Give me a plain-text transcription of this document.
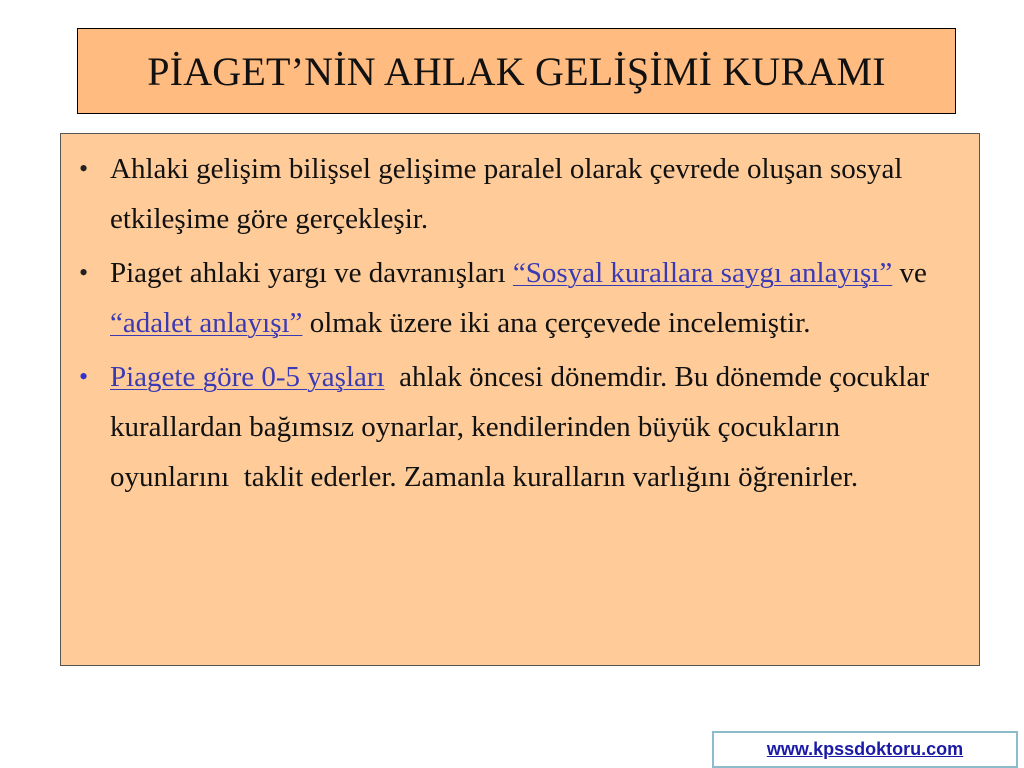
PİAGET’NİN AHLAK GELİŞİMİ KURAMI
• Ahlaki gelişim bilişsel gelişime paralel olarak çevrede oluşan sosyal etkileşime göre gerçekleşir.
• Piaget ahlaki yargı ve davranışları “Sosyal kurallara saygı anlayışı” ve “adalet anlayışı” olmak üzere iki ana çerçevede incelemiştir.
• Piagete göre 0-5 yaşları  ahlak öncesi dönemdir. Bu dönemde çocuklar kurallardan bağımsız oynarlar, kendilerinden büyük çocukların oyunlarını  taklit ederler. Zamanla kuralların varlığını öğrenirler.
www.kpssdoktoru.com
